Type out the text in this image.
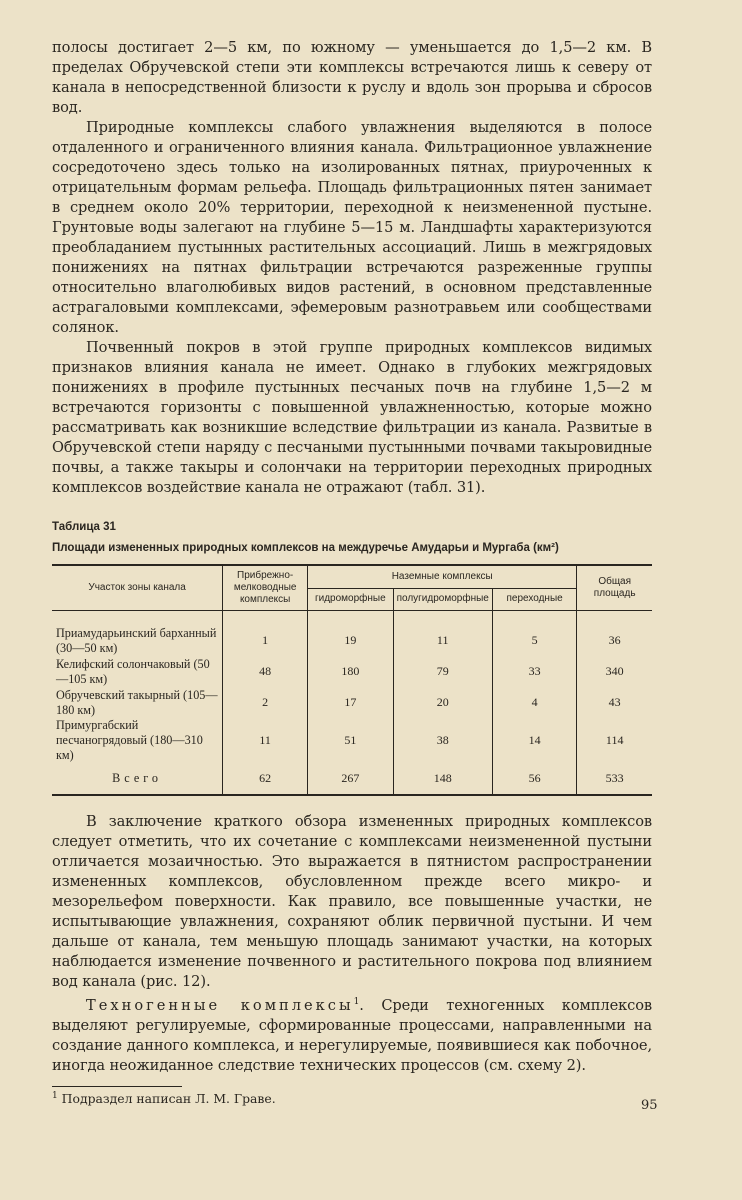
полосы достигает 2—5 км, по южному — уменьшается до 1,5—2 км. В пределах Обручевской степи эти комплексы встречаются лишь к северу от канала в непосредственной близости к руслу и вдоль зон прорыва и сбросов вод.

Природные комплексы слабого увлажнения выделяются в полосе отдаленного и ограниченного влияния канала. Фильтрационное увлажнение сосредоточено здесь только на изолированных пятнах, приуроченных к отрицательным формам рельефа. Площадь фильтрационных пятен занимает в среднем около 20% территории, переходной к неизмененной пустыне. Грунтовые воды залегают на глубине 5—15 м. Ландшафты характеризуются преобладанием пустынных растительных ассоциаций. Лишь в межгрядовых понижениях на пятнах фильтрации встречаются разреженные группы относительно влаголюбивых видов растений, в основном представленные астрагаловыми комплексами, эфемеровым разнотравьем или сообществами солянок.

Почвенный покров в этой группе природных комплексов видимых признаков влияния канала не имеет. Однако в глубоких межгрядовых понижениях в профиле пустынных песчаных почв на глубине 1,5—2 м встречаются горизонты с повышенной увлажненностью, которые можно рассматривать как возникшие вследствие фильтрации из канала. Развитые в Обручевской степи наряду с песчаными пустынными почвами такыровидные почвы, а также такыры и солончаки на территории переходных природных комплексов воздействие канала не отражают (табл. 31).

Таблица 31
Площади измененных природных комплексов на междуречье Амударьи и Мургаба (км²)
Участок зоны канала	Прибрежно-мелководные комплексы	Наземные комплексы			Общая площадь
		гидроморфные	полугидроморфные	переходные	
Приамударьинский барханный (30—50 км)	1	19	11	5	36
Келифский солончаковый (50—105 км)	48	180	79	33	340
Обручевский такырный (105—180 км)	2	17	20	4	43
Примургабский песчаногрядовый (180—310 км)	11	51	38	14	114
Всего	62	267	148	56	533

В заключение краткого обзора измененных природных комплексов следует отметить, что их сочетание с комплексами неизмененной пустыни отличается мозаичностью. Это выражается в пятнистом распространении измененных комплексов, обусловленном прежде всего микро- и мезорельефом поверхности. Как правило, все повышенные участки, не испытывающие увлажнения, сохраняют облик первичной пустыни. И чем дальше от канала, тем меньшую площадь занимают участки, на которых наблюдается изменение почвенного и растительного покрова под влиянием вод канала (рис. 12).

Техногенные комплексы$^1$. Среди техногенных комплексов выделяют регулируемые, сформированные процессами, направленными на создание данного комплекса, и нерегулируемые, появившиеся как побочное, иногда неожиданное следствие технических процессов (см. схему 2).

$^1$ Подраздел написан Л. М. Граве.	95
